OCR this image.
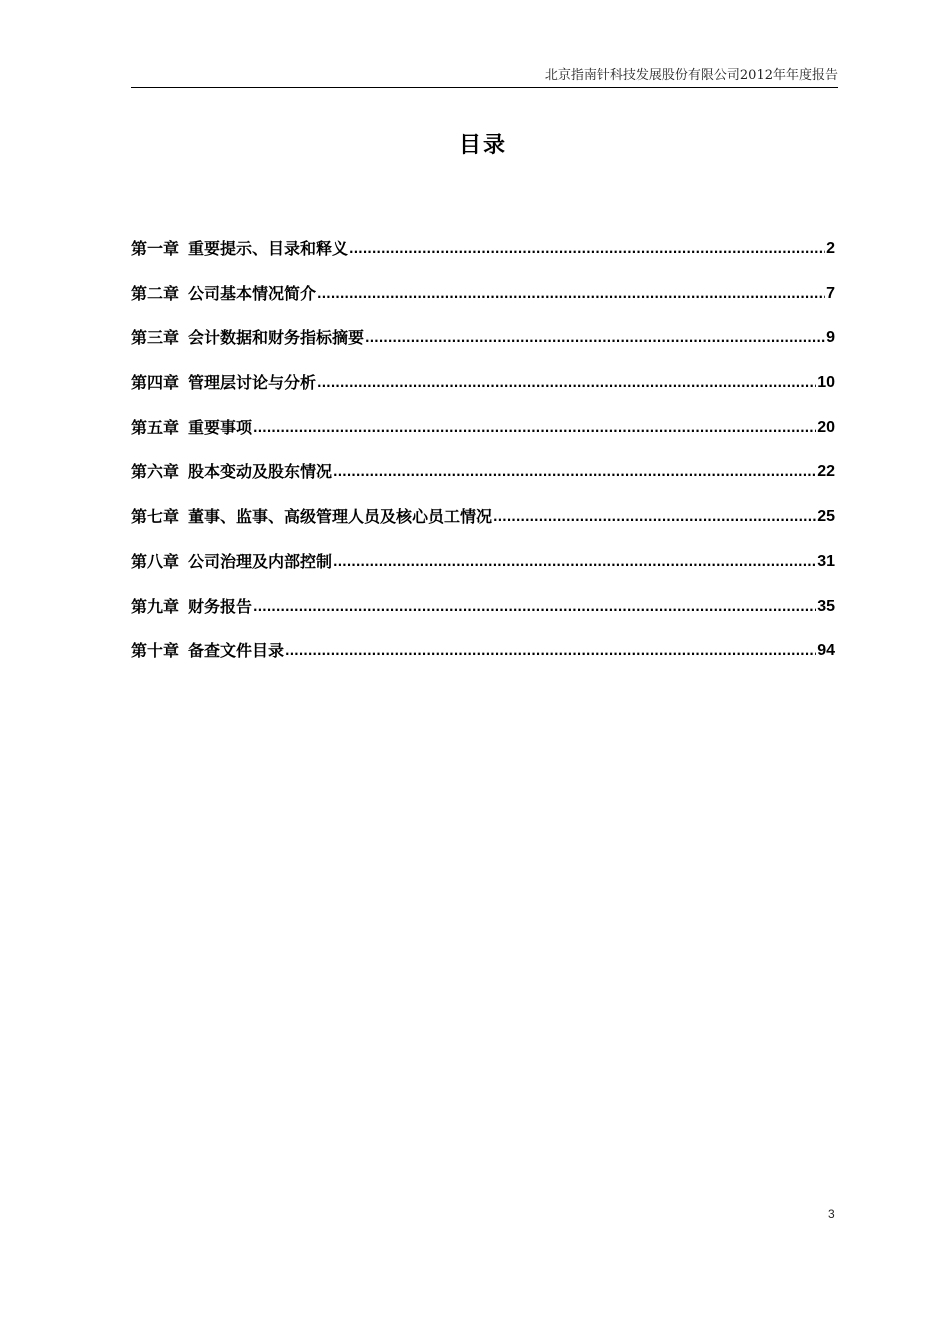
北京指南针科技发展股份有限公司2012年年度报告
目录
第一章 重要提示、目录和释义 .....	2
第二章 公司基本情况简介 .....	7
第三章 会计数据和财务指标摘要 .....	9
第四章 管理层讨论与分析 .....	10
第五章 重要事项 .....	20
第六章 股本变动及股东情况 .....	22
第七章 董事、监事、高级管理人员及核心员工情况 .....	25
第八章 公司治理及内部控制 .....	31
第九章 财务报告 .....	35
第十章 备查文件目录 .....	94
3
